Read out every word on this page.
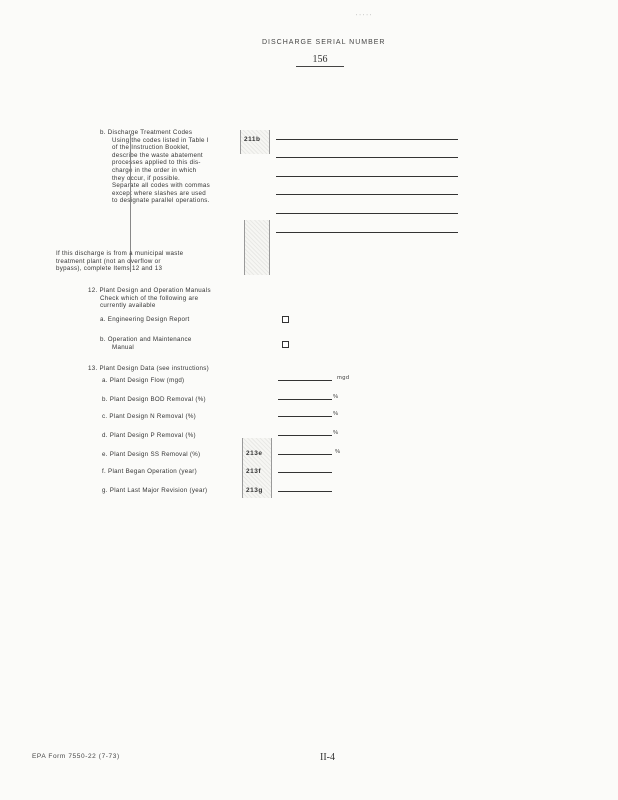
' ' ' ' '
DISCHARGE SERIAL NUMBER
156
b. Discharge Treatment Codes
Using the codes listed in Table I
of the Instruction Booklet,
describe the waste abatement
processes applied to this dis-
charge in the order in which
they occur, if possible.
Separate all codes with commas
except where slashes are used
to designate parallel operations.
211b
If this discharge is from a municipal waste
treatment plant (not an overflow or
bypass), complete Items 12 and 13
12. Plant Design and Operation Manuals
Check which of the following are
currently available
a. Engineering Design Report
b. Operation and Maintenance
Manual
13. Plant Design Data (see instructions)
a. Plant Design Flow (mgd)	mgd
b. Plant Design BOD Removal (%)	%
c. Plant Design N Removal (%)	%
d. Plant Design P Removal (%)	%
213e
213f
213g
e. Plant Design SS Removal (%)	%
f. Plant Began Operation (year)
g. Plant Last Major Revision (year)
EPA Form 7550-22 (7-73)	II-4
